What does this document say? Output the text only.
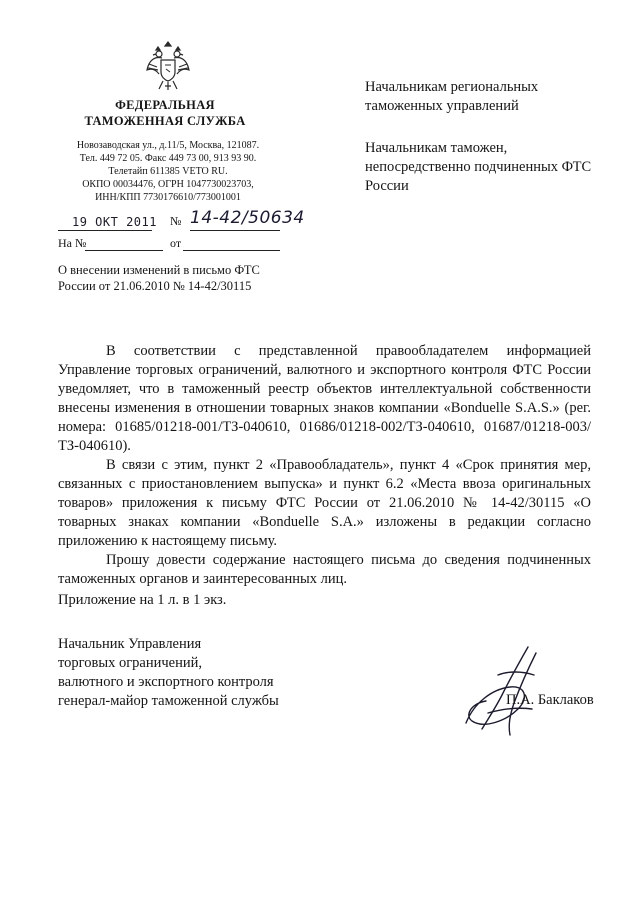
ФЕДЕРАЛЬНАЯ
ТАМОЖЕННАЯ СЛУЖБА
Новозаводская ул., д.11/5, Москва, 121087.
Тел. 449 72 05. Факс 449 73 00, 913 93 90.
Телетайп 611385 VETO RU.
ОКПО 00034476, ОГРН 1047730023703,
ИНН/КПП 7730176610/773001001
19 ОКТ 2011 № 14-42/50634
На №	от
О внесении изменений в письмо ФТС России от 21.06.2010 № 14-42/30115
Начальникам региональных таможенных управлений
Начальникам таможен, непосредственно подчиненных ФТС России

В соответствии с представленной правообладателем информацией Управление торговых ограничений, валютного и экспортного контроля ФТС России уведомляет, что в таможенный реестр объектов интеллектуальной собственности внесены изменения в отношении товарных знаков компании «Bonduelle S.A.S.» (рег. номера: 01685/01218-001/ТЗ-040610, 01686/01218-002/ТЗ-040610, 01687/01218-003/ТЗ-040610).

В связи с этим, пункт 2 «Правообладатель», пункт 4 «Срок принятия мер, связанных с приостановлением выпуска» и пункт 6.2 «Места ввоза оригинальных товаров» приложения к письму ФТС России от 21.06.2010 № 14-42/30115 «О товарных знаках компании «Bonduelle S.A.» изложены в редакции согласно приложению к настоящему письму.

Прошу довести содержание настоящего письма до сведения подчиненных таможенных органов и заинтересованных лиц.

Приложение на 1 л. в 1 экз.
Начальник Управления
торговых ограничений,
валютного и экспортного контроля
генерал-майор таможенной службы	П.А. Баклаков
